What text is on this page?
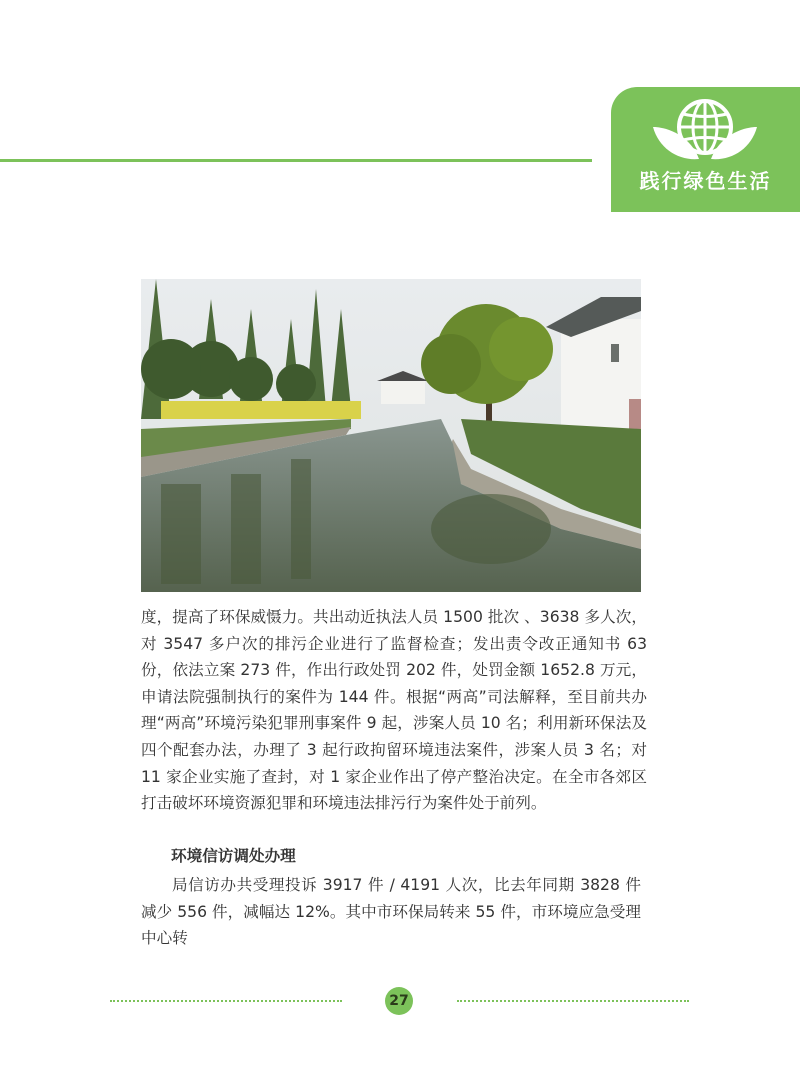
践行绿色生活

度，提高了环保威慑力。共出动近执法人员 1500 批次 、3638 多人次，对 3547 多户次的排污企业进行了监督检查；发出责令改正通知书 63 份，依法立案 273 件，作出行政处罚 202 件，处罚金额 1652.8 万元，申请法院强制执行的案件为 144 件。根据“两高”司法解释，至目前共办理“两高”环境污染犯罪刑事案件 9 起，涉案人员 10 名；利用新环保法及四个配套办法，办理了 3 起行政拘留环境违法案件，涉案人员 3 名；对 11 家企业实施了查封，对 1 家企业作出了停产整治决定。在全市各郊区打击破坏环境资源犯罪和环境违法排污行为案件处于前列。

环境信访调处办理

局信访办共受理投诉 3917 件 / 4191 人次，比去年同期 3828 件减少 556 件，减幅达 12%。其中市环保局转来 55 件，市环境应急受理中心转

27
